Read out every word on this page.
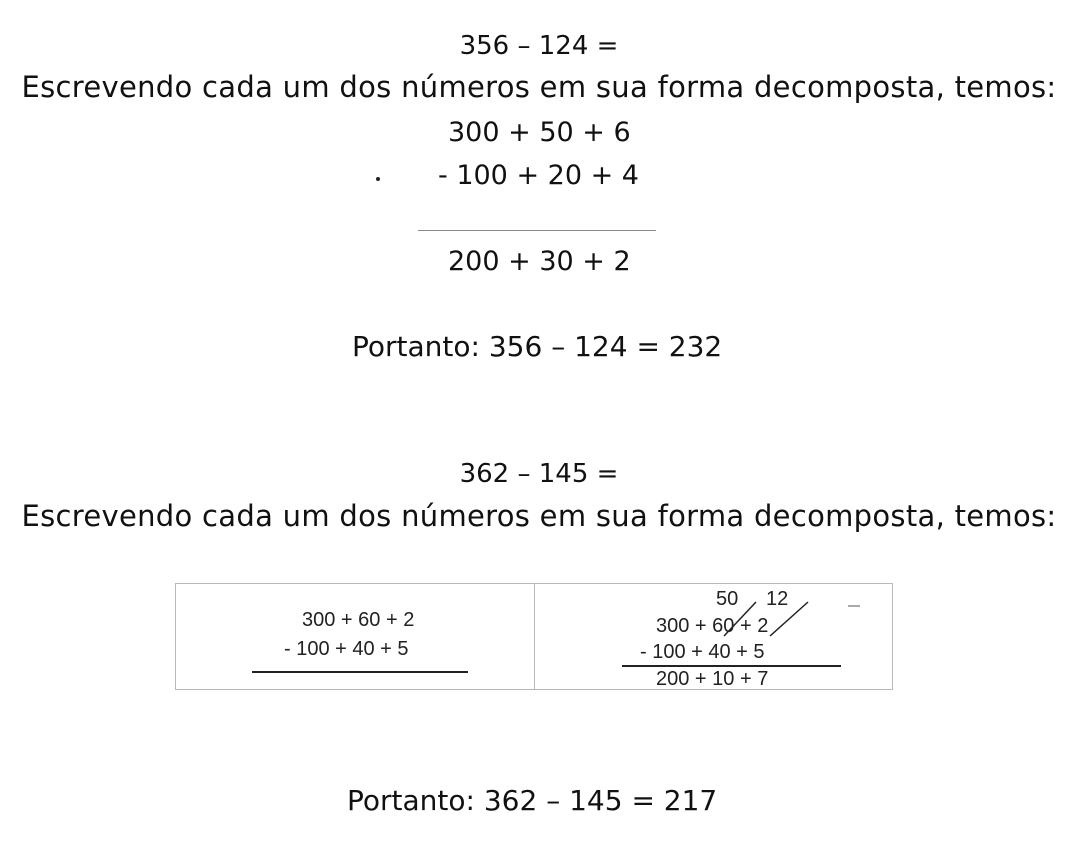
356 – 124 =
Escrevendo cada um dos números em sua forma decomposta, temos:
300 + 50 + 6
- 100 + 20 + 4
200 + 30 + 2
Portanto: 356 – 124 = 232
362 – 145 =
Escrevendo cada um dos números em sua forma decomposta, temos:
300 + 60 + 2
- 100 + 40 + 5
50 12
300 + 60 + 2
- 100 + 40 + 5
200 + 10 + 7
Portanto: 362 – 145 = 217
